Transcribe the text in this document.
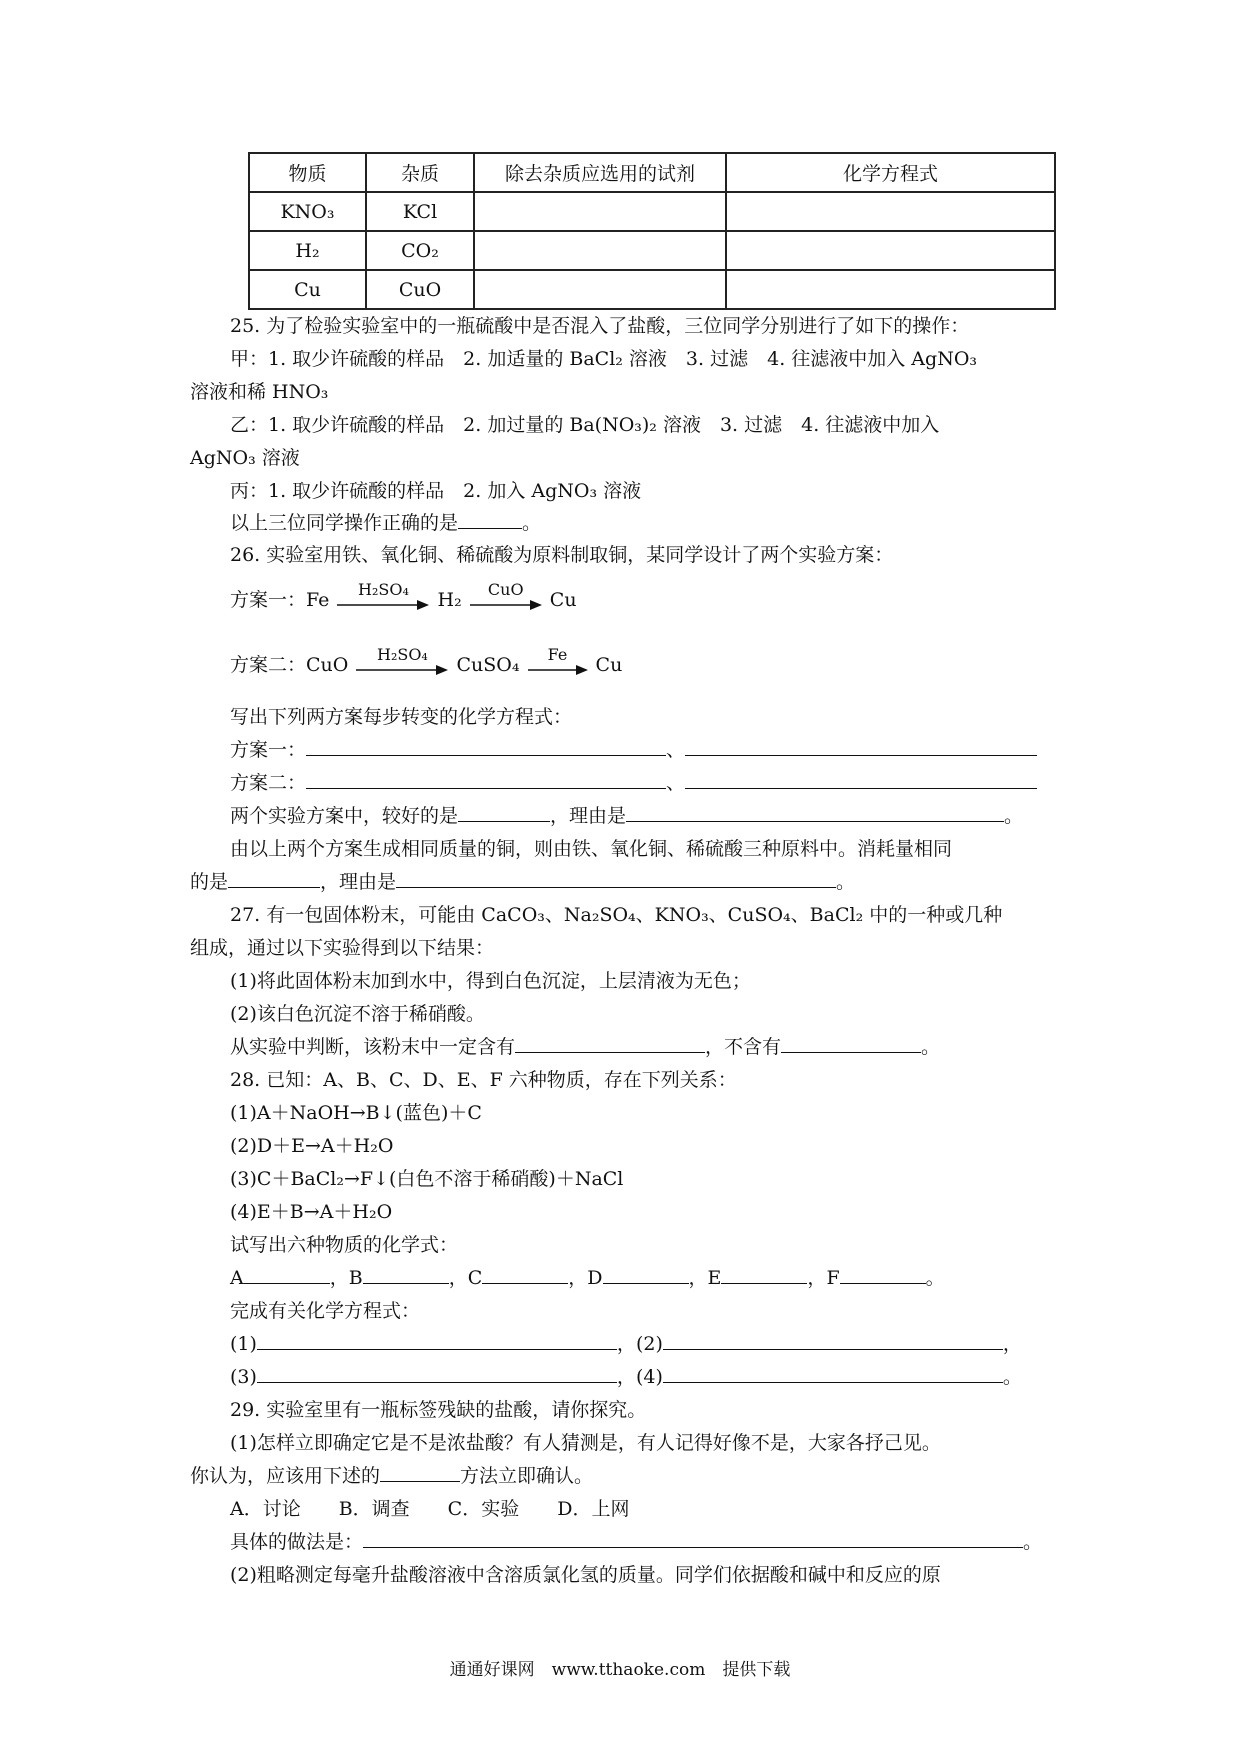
物质	杂质	除去杂质应选用的试剂	化学方程式
KNO₃	KCl		
H₂	CO₂		
Cu	CuO		
25. 为了检验实验室中的一瓶硫酸中是否混入了盐酸，三位同学分别进行了如下的操作：
甲：1. 取少许硫酸的样品　2. 加适量的 BaCl₂ 溶液　3. 过滤　4. 往滤液中加入 AgNO₃
溶液和稀 HNO₃
乙：1. 取少许硫酸的样品　2. 加过量的 Ba(NO₃)₂ 溶液　3. 过滤　4. 往滤液中加入
AgNO₃ 溶液
丙：1. 取少许硫酸的样品　2. 加入 AgNO₃ 溶液
以上三位同学操作正确的是	。
26. 实验室用铁、氧化铜、稀硫酸为原料制取铜，某同学设计了两个实验方案：
方案一：Fe	H₂SO₄	H₂	CuO	Cu
方案二：CuO	H₂SO₄	CuSO₄	Fe	Cu
写出下列两方案每步转变的化学方程式：
方案一：	、
方案二：	、
两个实验方案中，较好的是	，理由是	。
由以上两个方案生成相同质量的铜，则由铁、氧化铜、稀硫酸三种原料中。消耗量相同
的是	，理由是	。
27. 有一包固体粉末，可能由 CaCO₃、Na₂SO₄、KNO₃、CuSO₄、BaCl₂ 中的一种或几种
组成，通过以下实验得到以下结果：
(1)将此固体粉末加到水中，得到白色沉淀，上层清液为无色；
(2)该白色沉淀不溶于稀硝酸。
从实验中判断，该粉末中一定含有	，不含有	。
28. 已知：A、B、C、D、E、F 六种物质，存在下列关系：
(1)A＋NaOH→B↓(蓝色)＋C
(2)D＋E→A＋H₂O
(3)C＋BaCl₂→F↓(白色不溶于稀硝酸)＋NaCl
(4)E＋B→A＋H₂O
试写出六种物质的化学式：
A	，B	，C	，D	，E	，F	。
完成有关化学方程式：
(1)	，(2)	，
(3)	，(4)	。
29. 实验室里有一瓶标签残缺的盐酸，请你探究。
(1)怎样立即确定它是不是浓盐酸？有人猜测是，有人记得好像不是，大家各抒己见。
你认为，应该用下述的	方法立即确认。
A．讨论　　B．调查　　C．实验　　D．上网
具体的做法是：	。
(2)粗略测定每毫升盐酸溶液中含溶质氯化氢的质量。同学们依据酸和碱中和反应的原
通通好课网　www.tthaoke.com　提供下载
